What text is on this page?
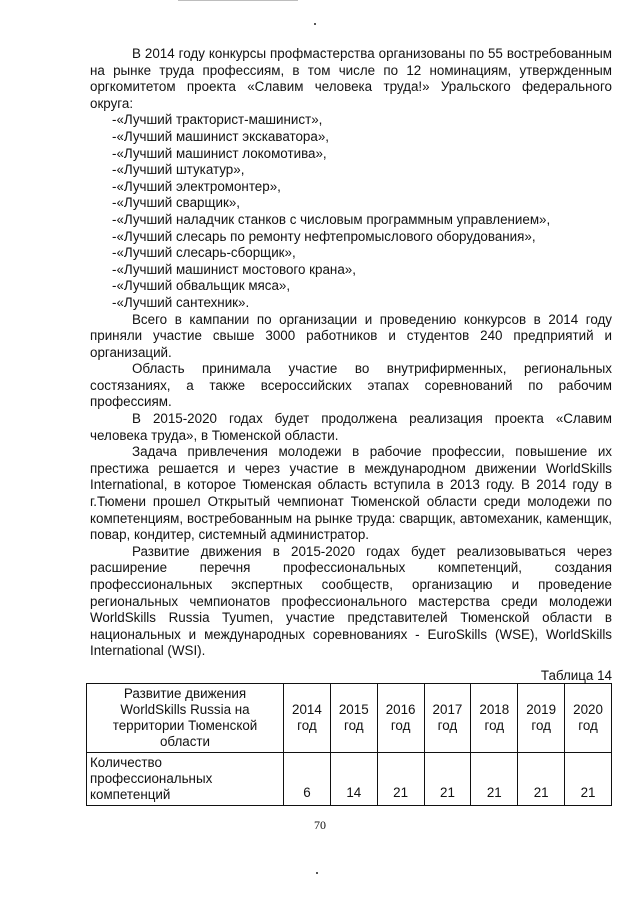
В 2014 году конкурсы профмастерства организованы по 55 востребованным на рынке труда профессиям, в том числе по 12 номинациям, утвержденным оргкомитетом проекта «Славим человека труда!» Уральского федерального округа:

-«Лучший тракторист-машинист»,

-«Лучший машинист экскаватора»,

-«Лучший машинист локомотива»,

-«Лучший штукатур»,

-«Лучший электромонтер»,

-«Лучший сварщик»,

-«Лучший наладчик станков с числовым программным управлением»,

-«Лучший слесарь по ремонту нефтепромыслового оборудования»,

-«Лучший слесарь-сборщик»,

-«Лучший машинист мостового крана»,

-«Лучший обвальщик мяса»,

-«Лучший сантехник».

Всего в кампании по организации и проведению конкурсов в 2014 году приняли участие свыше 3000 работников и студентов 240 предприятий и организаций.

Область принимала участие во внутрифирменных, региональных состязаниях, а также всероссийских этапах соревнований по рабочим профессиям.

В 2015-2020 годах будет продолжена реализация проекта «Славим человека труда», в Тюменской области.

Задача привлечения молодежи в рабочие профессии, повышение их престижа решается и через участие в международном движении WorldSkills International, в которое Тюменская область вступила в 2013 году. В 2014 году в г.Тюмени прошел Открытый чемпионат Тюменской области среди молодежи по компетенциям, востребованным на рынке труда: сварщик, автомеханик, каменщик, повар, кондитер, системный администратор.

Развитие движения в 2015-2020 годах будет реализовываться через расширение перечня профессиональных компетенций, создания профессиональных экспертных сообществ, организацию и проведение региональных чемпионатов профессионального мастерства среди молодежи WorldSkills Russia Tyumen, участие представителей Тюменской области в национальных и международных соревнованиях - EuroSkills (WSE), WorldSkills International (WSI).

Таблица 14

Развитие движения WorldSkills Russia на территории Тюменской области	2014 год	2015 год	2016 год	2017 год	2018 год	2019 год	2020 год
Количество профессиональных компетенций	6	14	21	21	21	21	21
70
